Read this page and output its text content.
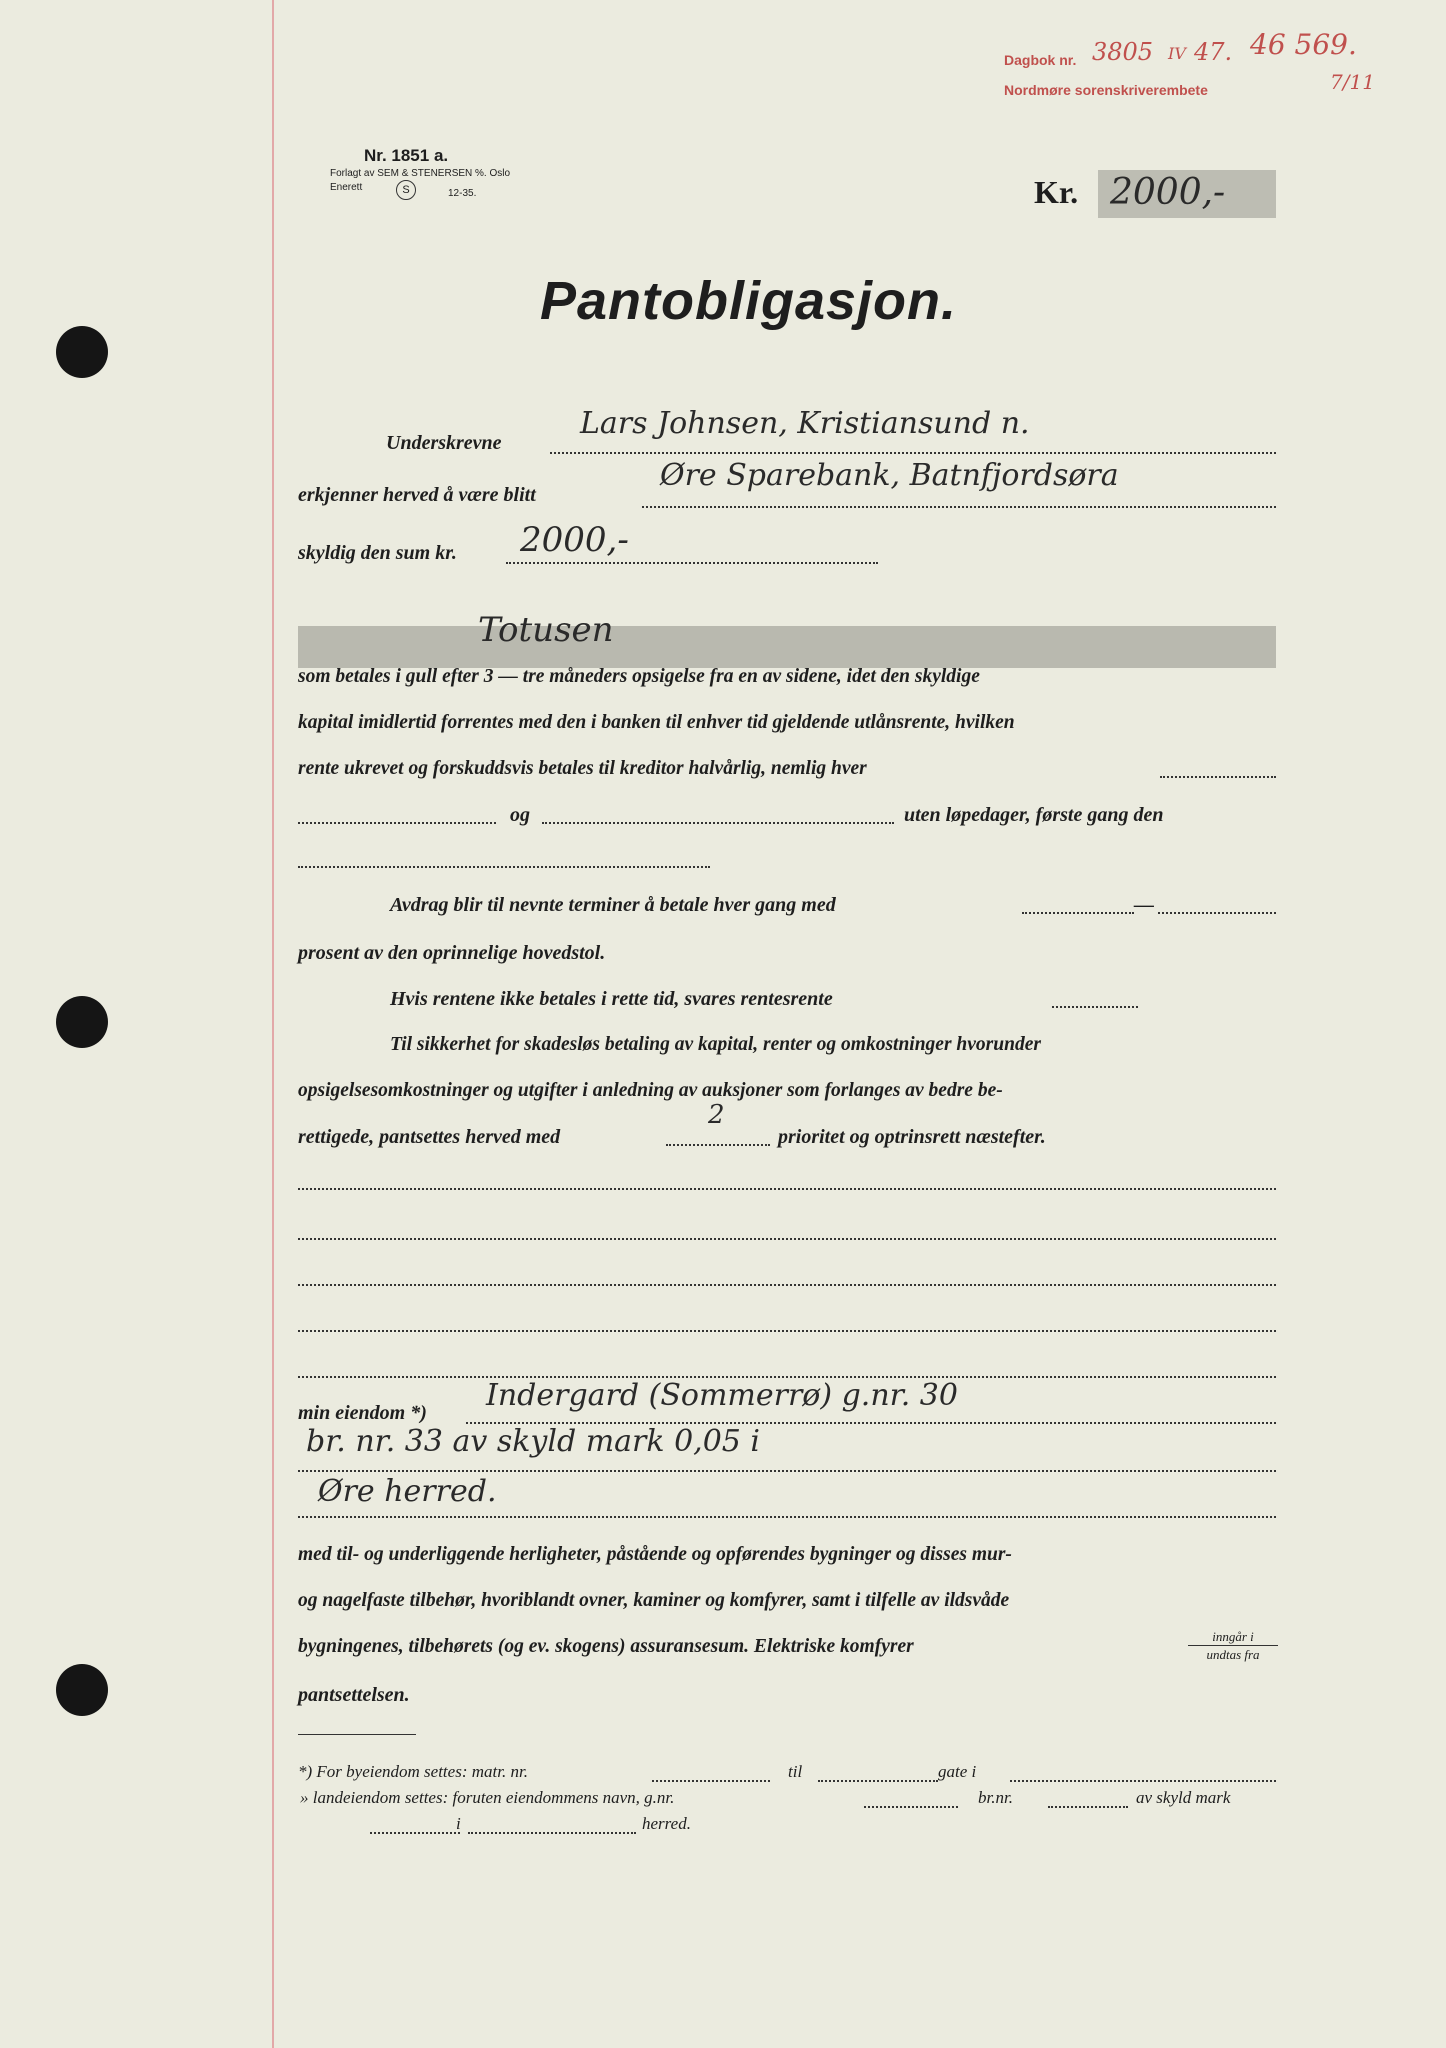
Dagbok nr. 3805 IV 47.
Nordmøre sorenskriverembete
46 569.
7/11
Nr. 1851 a.
Forlagt av SEM & STENERSEN %. Oslo
Enerett	S	12-35.	Kr. 2000,-
Pantobligasjon.
Underskrevne
Lars Johnsen, Kristiansund n.
erkjenner herved å være blitt
Øre Sparebank, Batnfjordsøra
skyldig den sum kr. 2000,-
Totusen
som betales i gull efter 3 — tre måneders opsigelse fra en av sidene, idet den skyldige
kapital imidlertid forrentes med den i banken til enhver tid gjeldende utlånsrente, hvilken
rente ukrevet og forskuddsvis betales til kreditor halvårlig, nemlig hver
og	uten løpedager, første gang den
Avdrag blir til nevnte terminer å betale hver gang med	—
prosent av den oprinnelige hovedstol.
Hvis rentene ikke betales i rette tid, svares rentesrente
Til sikkerhet for skadesløs betaling av kapital, renter og omkostninger hvorunder
opsigelsesomkostninger og utgifter i anledning av auksjoner som forlanges av bedre be-
rettigede, pantsettes herved med
2
prioritet og optrinsrett næstefter.
min eiendom *) Indergard (Sommerrø) g.nr. 30
br. nr. 33 av skyld mark 0,05 i
Øre herred.
med til- og underliggende herligheter, påstående og opførendes bygninger og disses mur-
og nagelfaste tilbehør, hvoriblandt ovner, kaminer og komfyrer, samt i tilfelle av ildsvåde
bygningenes, tilbehørets (og ev. skogens) assuransesum. Elektriske komfyrer	inngår i
undtas fra
pantsettelsen.
*) For byeiendom settes: matr. nr.	til	gate i
» landeiendom settes: foruten eiendommens navn, g.nr.	br.nr.	av skyld mark
i	herred.
